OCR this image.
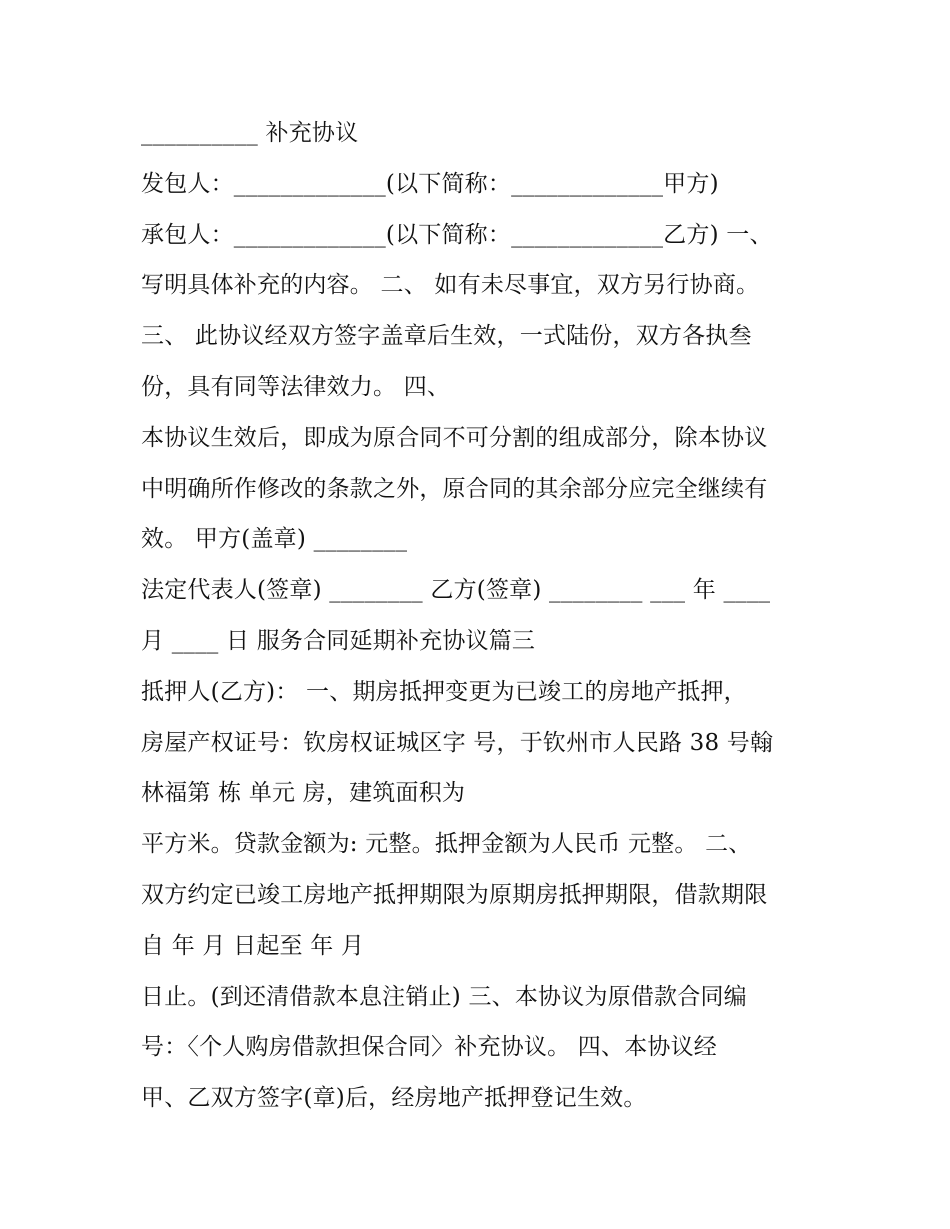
__________ 补充协议
发包人：_____________(以下简称：_____________甲方)
承包人：_____________(以下简称：_____________乙方) 一、
写明具体补充的内容。 二、 如有未尽事宜，双方另行协商。
三、 此协议经双方签字盖章后生效，一式陆份，双方各执叁
份，具有同等法律效力。 四、
本协议生效后，即成为原合同不可分割的组成部分，除本协议
中明确所作修改的条款之外，原合同的其余部分应完全继续有
效。 甲方(盖章) ________
法定代表人(签章) ________ 乙方(签章) ________ ___ 年 ____
月 ____ 日 服务合同延期补充协议篇三
抵押人(乙方)： 一、期房抵押变更为已竣工的房地产抵押，
房屋产权证号：钦房权证城区字 号，于钦州市人民路 38 号翰
林福第 栋 单元 房，建筑面积为
平方米。贷款金额为: 元整。抵押金额为人民币 元整。 二、
双方约定已竣工房地产抵押期限为原期房抵押期限，借款期限
自 年 月 日起至 年 月
日止。(到还清借款本息注销止) 三、本协议为原借款合同编
号：〈个人购房借款担保合同〉补充协议。 四、本协议经
甲、乙双方签字(章)后，经房地产抵押登记生效。
